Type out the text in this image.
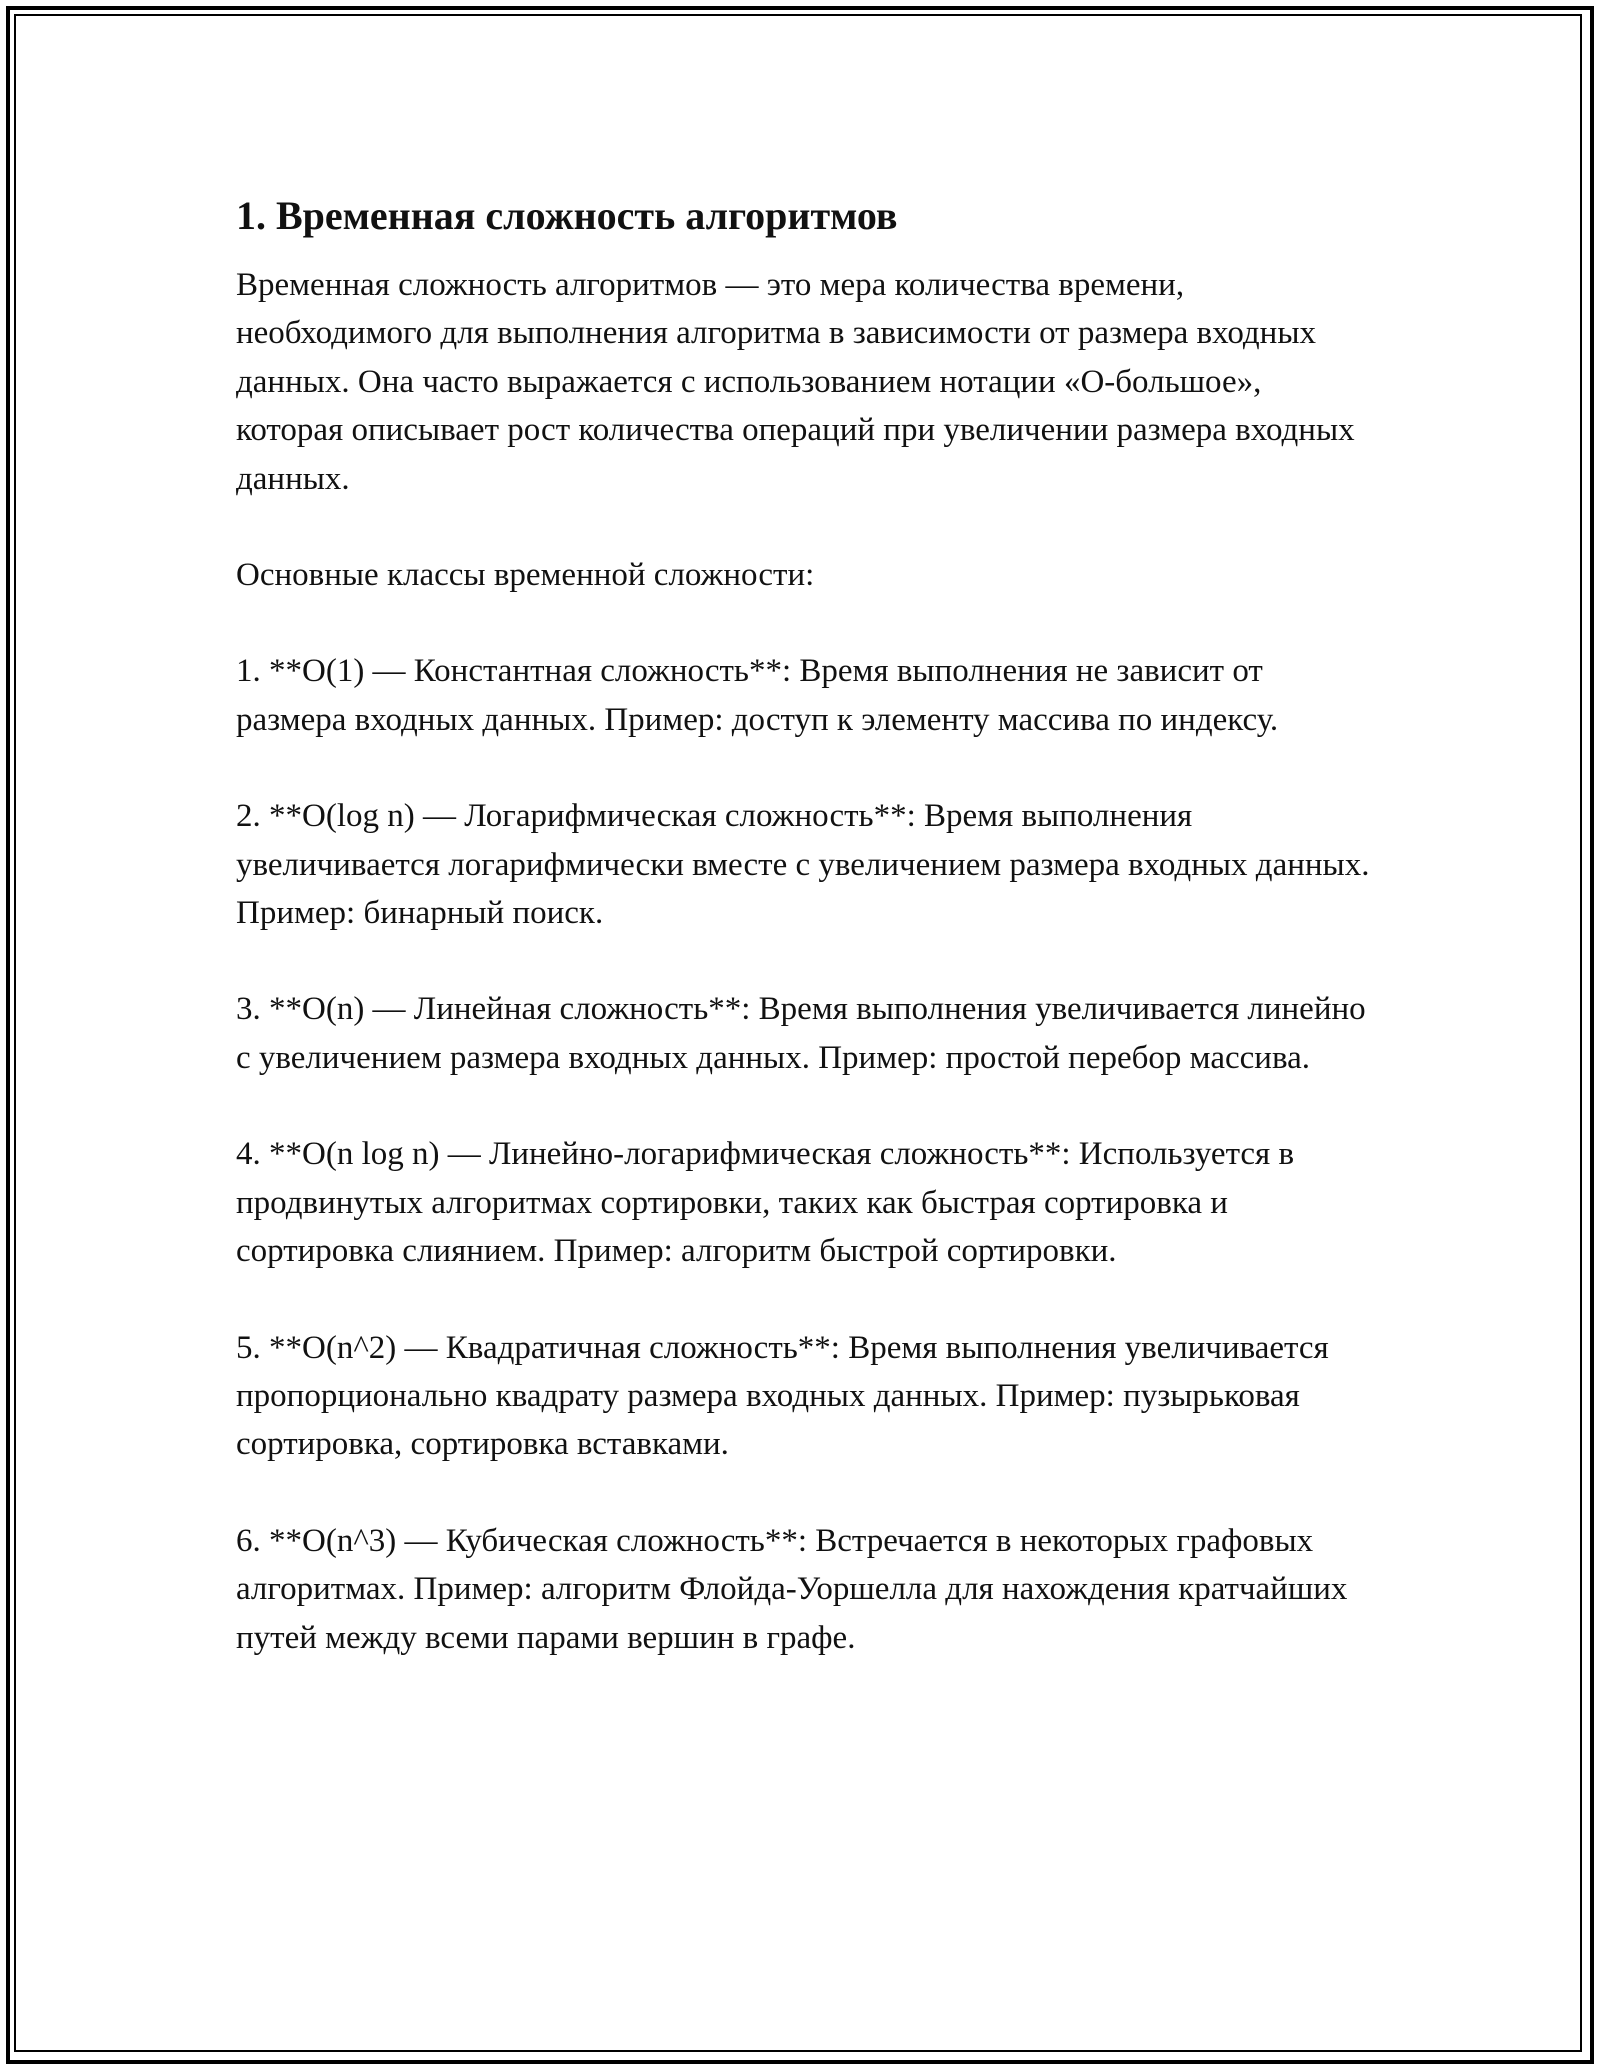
1. Временная сложность алгоритмов

Временная сложность алгоритмов — это мера количества времени, необходимого для выполнения алгоритма в зависимости от размера входных данных. Она часто выражается с использованием нотации «О-большое», которая описывает рост количества операций при увеличении размера входных данных.

Основные классы временной сложности:

1. **O(1) — Константная сложность**: Время выполнения не зависит от размера входных данных. Пример: доступ к элементу массива по индексу.

2. **O(log n) — Логарифмическая сложность**: Время выполнения увеличивается логарифмически вместе с увеличением размера входных данных. Пример: бинарный поиск.

3. **O(n) — Линейная сложность**: Время выполнения увеличивается линейно с увеличением размера входных данных. Пример: простой перебор массива.

4. **O(n log n) — Линейно-логарифмическая сложность**: Используется в продвинутых алгоритмах сортировки, таких как быстрая сортировка и сортировка слиянием. Пример: алгоритм быстрой сортировки.

5. **O(n^2) — Квадратичная сложность**: Время выполнения увеличивается пропорционально квадрату размера входных данных. Пример: пузырьковая сортировка, сортировка вставками.

6. **O(n^3) — Кубическая сложность**: Встречается в некоторых графовых алгоритмах. Пример: алгоритм Флойда-Уоршелла для нахождения кратчайших путей между всеми парами вершин в графе.
